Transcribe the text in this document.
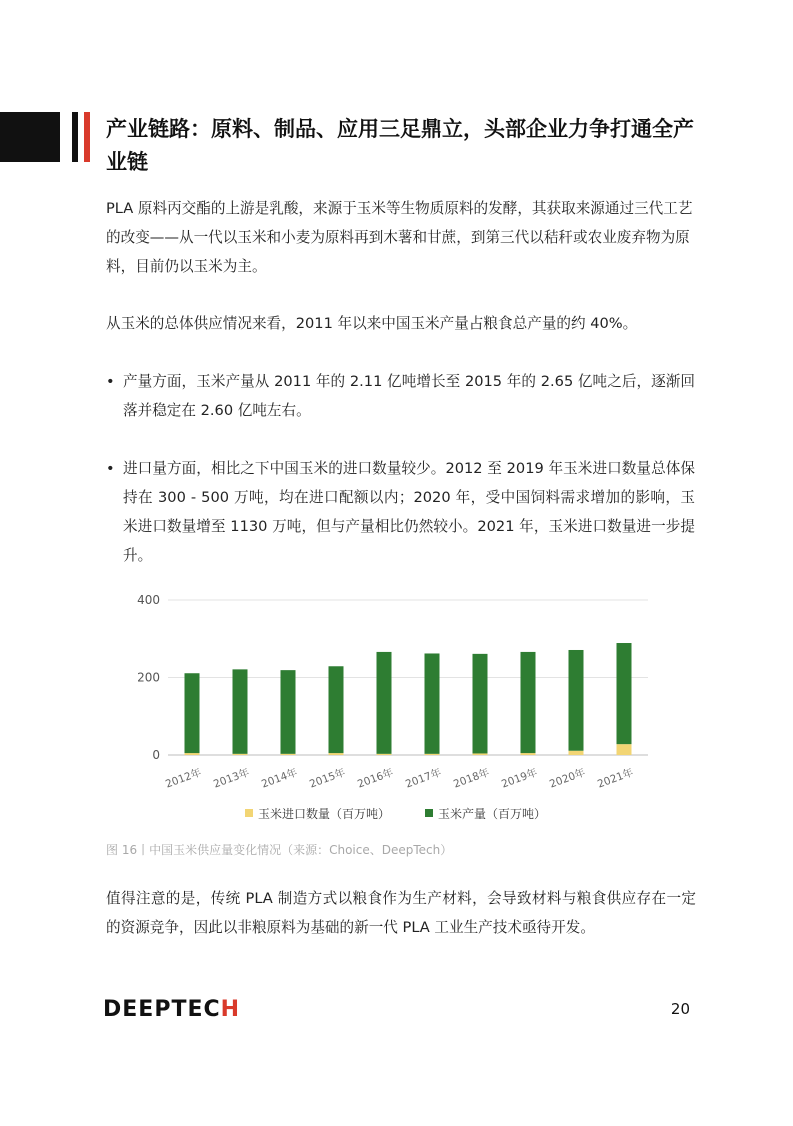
产业链路：原料、制品、应用三足鼎立，头部企业力争打通全产业链
PLA 原料丙交酯的上游是乳酸，来源于玉米等生物质原料的发酵，其获取来源通过三代工艺的改变——从一代以玉米和小麦为原料再到木薯和甘蔗，到第三代以秸秆或农业废弃物为原料，目前仍以玉米为主。
从玉米的总体供应情况来看，2011 年以来中国玉米产量占粮食总产量的约 40%。
• 产量方面，玉米产量从 2011 年的 2.11 亿吨增长至 2015 年的 2.65 亿吨之后，逐渐回落并稳定在 2.60 亿吨左右。
• 进口量方面，相比之下中国玉米的进口数量较少。2012 至 2019 年玉米进口数量总体保持在 300 - 500 万吨，均在进口配额以内；2020 年，受中国饲料需求增加的影响，玉米进口数量增至 1130 万吨，但与产量相比仍然较小。2021 年，玉米进口数量进一步提升。
0
200
400
2012年 2013年 2014年 2015年 2016年 2017年 2018年 2019年 2020年 2021年
玉米进口数量（百万吨）	玉米产量（百万吨）
图 16丨中国玉米供应量变化情况（来源：Choice、DeepTech）
值得注意的是，传统 PLA 制造方式以粮食作为生产材料，会导致材料与粮食供应存在一定的资源竞争，因此以非粮原料为基础的新一代 PLA 工业生产技术亟待开发。
DEEPTECH	20
